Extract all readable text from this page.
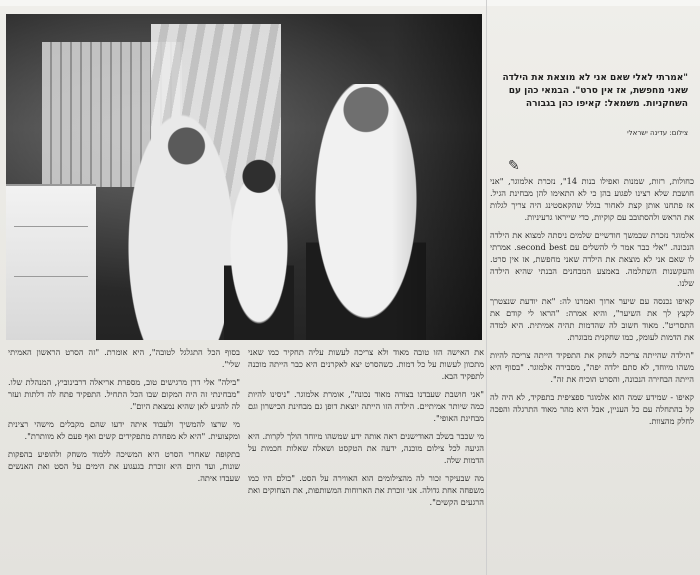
"אמרתי לאלי שאם אני לא מוצאת את הילדה שאני מחפשת, אז אין סרט". הבמאי כהן עם השחקניות. משמאל: קאיפו כהן בגבורה
צילום: עדינה ישראלי
✎

כחולות, רזות, שמנות ואפילו בנות 14", נזכרת אלמוגר, "אני חושבת שלא רצינו לפגוע בהן כי לא התאימו להן מבחינת הגיל. אז פתחנו אותן קצת לאחור בגלל שהקאסטינג היה צריך לגלות את הראש ולהסתובב עם קוקיות, כדי שייראו גרעיניות.

אלמוגר נזכרת שבמשך חודשיים שלמים ניסתה למצוא את הילדה הנכונה. "אלי כבר אמר לי להשלים עם second best. אמרתי לו שאם אני לא מוצאת את הילדה שאני מחפשת, אז אין סרט. והעקשנות השתלמה. באמצע המבחנים הבנתי שהיא הילדה שלנו.

קאיפו נכנסה עם שיער ארוך ואמרנו לה: "את יודעת שנצטרך לקצץ לך את השיער", והיא אמרה: "הראו לי קודם את התסריט". מאוד חשוב לה שהדמות תהיה אמיתית. היא למדה את הדמות לעומק, כמו שחקנית מבוגרת.

"הילדה שהייתה צריכה לשחק את התפקיד הייתה צריכה להיות משהו מיוחד, לא סתם ילדה יפה", מסבירה אלמוגר. "בסוף היא הייתה הבחירה הנכונה, והסרט הוכיח את זה".

קאיפו - שמידע שמה הוא אלמוגר ספציפית בתפקיד, לא היה לה קל בהתחלה עם כל העניין, אבל היא מהר מאוד התרגלה והפכה לחלק מהצוות.

את האישה הזו טובה מאוד ולא צריכה לעשות עליה תחקיר כמו שאני מתכוון לעשות על כל דמות. כשהסרט יצא לאקרנים היא כבר הייתה מוכנה לתפקיד הבא.

"אני חושבת שעבדנו בצורה מאוד נכונה", אומרת אלמוגר. "ניסינו להיות כמה שיותר אמיתיים. הילדה הזו הייתה יוצאת דופן גם מבחינת הכישרון וגם מבחינת האופי".

מי שכבר בשלב האודישנים ראה אותה ידע שמשהו מיוחד הולך לקרות. היא הגיעה לכל צילום מוכנה, ידעה את הטקסט ושאלה שאלות חכמות על הדמות שלה.

מה שבעיקר זכור לה מהצילומים הוא האווירה על הסט. "כולם היו כמו משפחה אחת גדולה. אני זוכרת את הארוחות המשותפות, את הצחוקים ואת הרגעים הקשים".

בסוף הכל התגלגל לטובה", היא אומרת. "זה הסרט הראשון האמיתי שלי".

"בילה" אלי דרן מרגישים טוב, מספרת אריאלה דרבינוביץ, המנהלת שלו. "מבחינתי זה היה המקום שבו הכל התחיל. התפקיד פתח לה דלתות ועזר לה להגיע לאן שהיא נמצאת היום".

מי שרצו להמשיך ולעבוד איתה ידעו שהם מקבלים מישהי רצינית ומקצועית. "היא לא מפחדת מתפקידים קשים ואף פעם לא מוותרת".

בתקופה שאחרי הסרט היא המשיכה ללמוד משחק ולהופיע בהפקות שונות, ועד היום היא זוכרת בגעגוע את הימים על הסט ואת האנשים שעבדו איתה.
